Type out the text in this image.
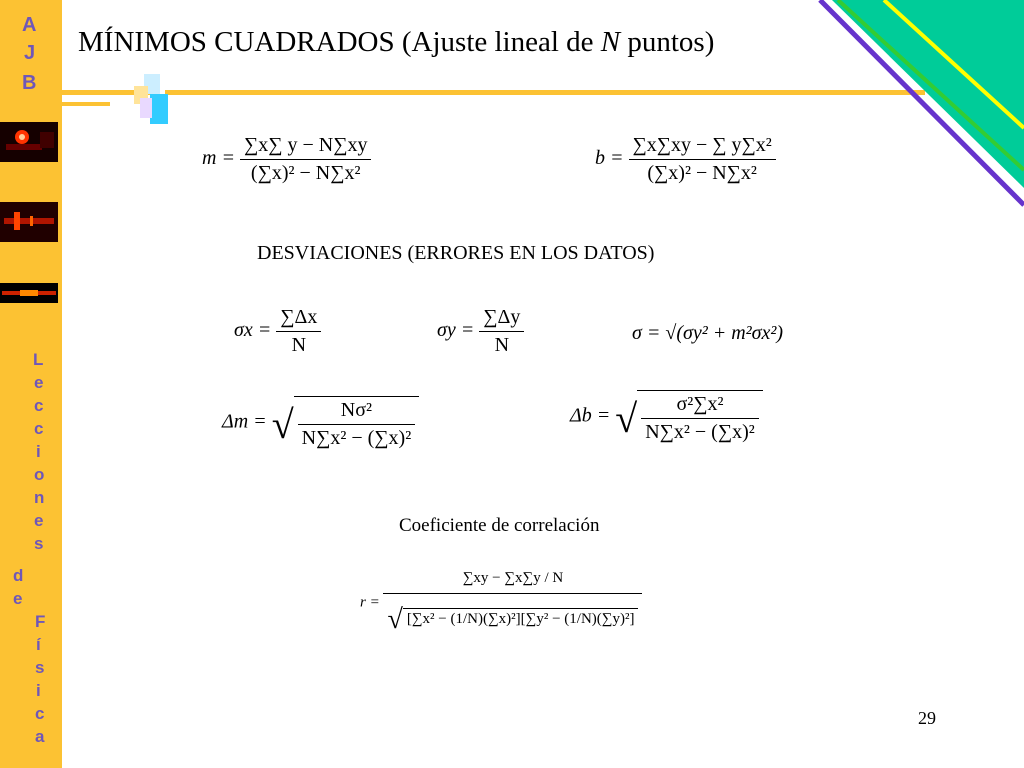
A
J
B
L
e
c
c
i
o
n
e
s
d
e
F
í
s
i
c
a
MÍNIMOS CUADRADOS (Ajuste lineal de N puntos)
$m = \frac{\sum x\sum y - N\sum xy}{\text{(∑x)² − N∑x²}}$	$b = \frac{\text{∑x∑xy − ∑ y∑x²}}{\text{(∑x)² − N∑x²}}$
DESVIACIONES (ERRORES EN LOS DATOS)
$\sigma x = \frac{\sum\Delta x}{N}$	$\sigma y = \frac{\sum\Delta y}{N}$	σ = √(σy² + m²σx²)
Δm = √ $\frac{\text{Nσ²}}{\text{N∑x² − (∑x)²}}$	Δb = √ $\frac{\text{σ²∑x²}}{\text{N∑x² − (∑x)²}}$
Coeficiente de correlación
$r = \frac{\sum xy - \sum x\sum y / N}{\text{√ [∑x² − (1/N)(∑x)²][∑y² − (1/N)(∑y)²]}}$
29
